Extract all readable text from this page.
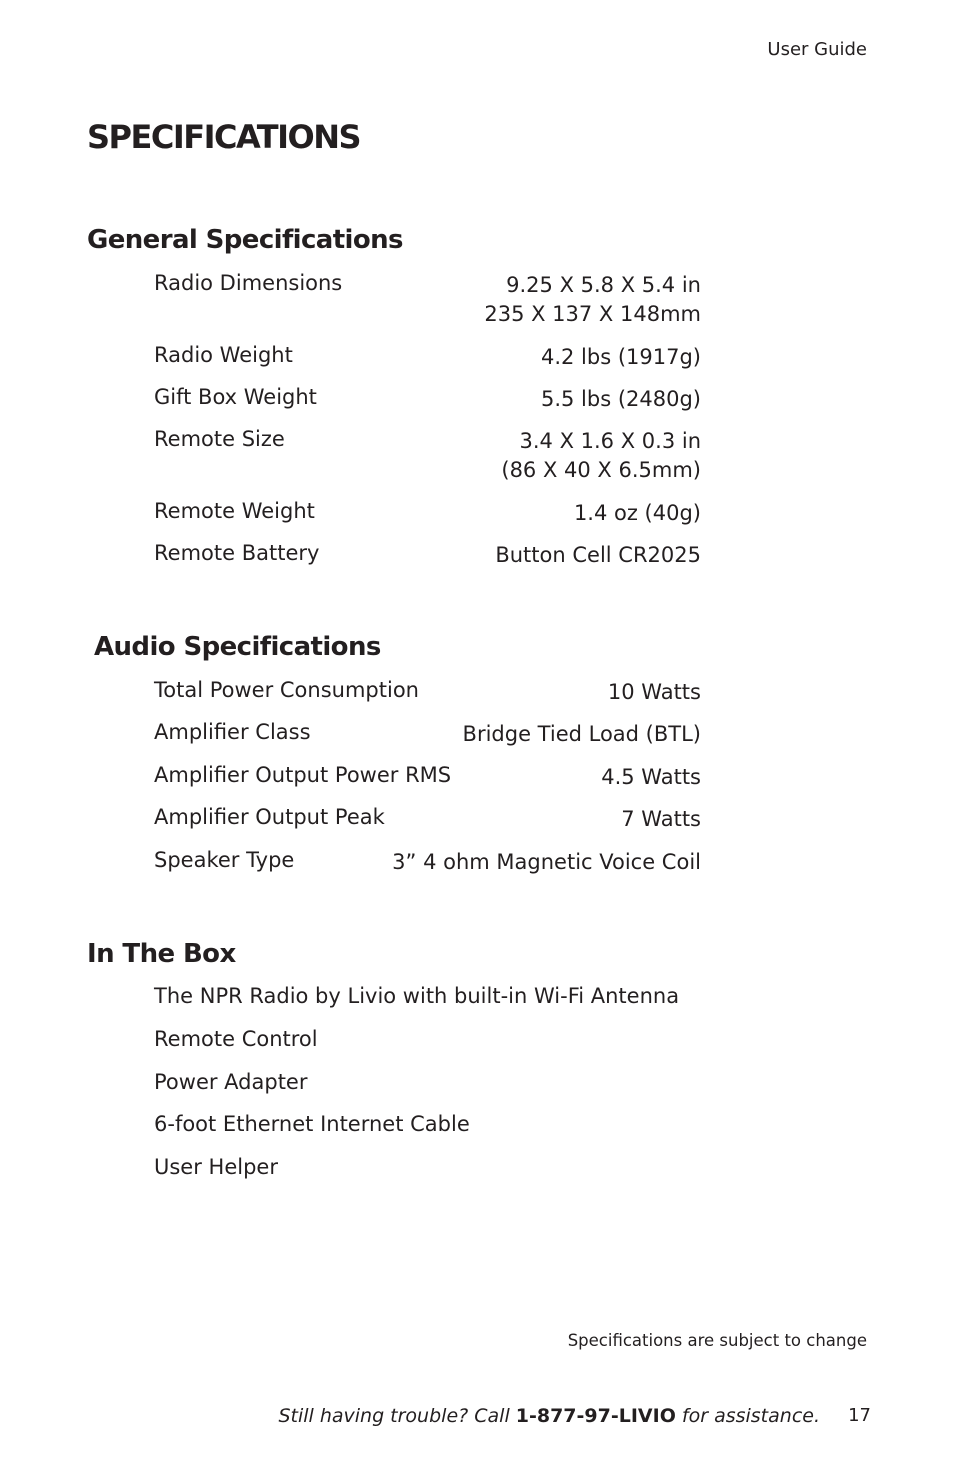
User Guide
SPECIFICATIONS
General Specifications
Radio Dimensions	9.25 X 5.8 X 5.4 in
235 X 137 X 148mm
Radio Weight	4.2 lbs (1917g)
Gift Box Weight	5.5 lbs (2480g)
Remote Size	3.4 X 1.6 X 0.3 in
(86 X 40 X 6.5mm)
Remote Weight	1.4 oz (40g)
Remote Battery	Button Cell CR2025
Audio Specifications
Total Power Consumption	10 Watts
Amplifier Class	Bridge Tied Load (BTL)
Amplifier Output Power RMS	4.5 Watts
Amplifier Output Peak	7 Watts
Speaker Type	3” 4 ohm Magnetic Voice Coil
In The Box
The NPR Radio by Livio with built-in Wi-Fi Antenna
Remote Control
Power Adapter
6-foot Ethernet Internet Cable
User Helper
Specifications are subject to change
Still having trouble? Call 1-877-97-LIVIO for assistance. 17
